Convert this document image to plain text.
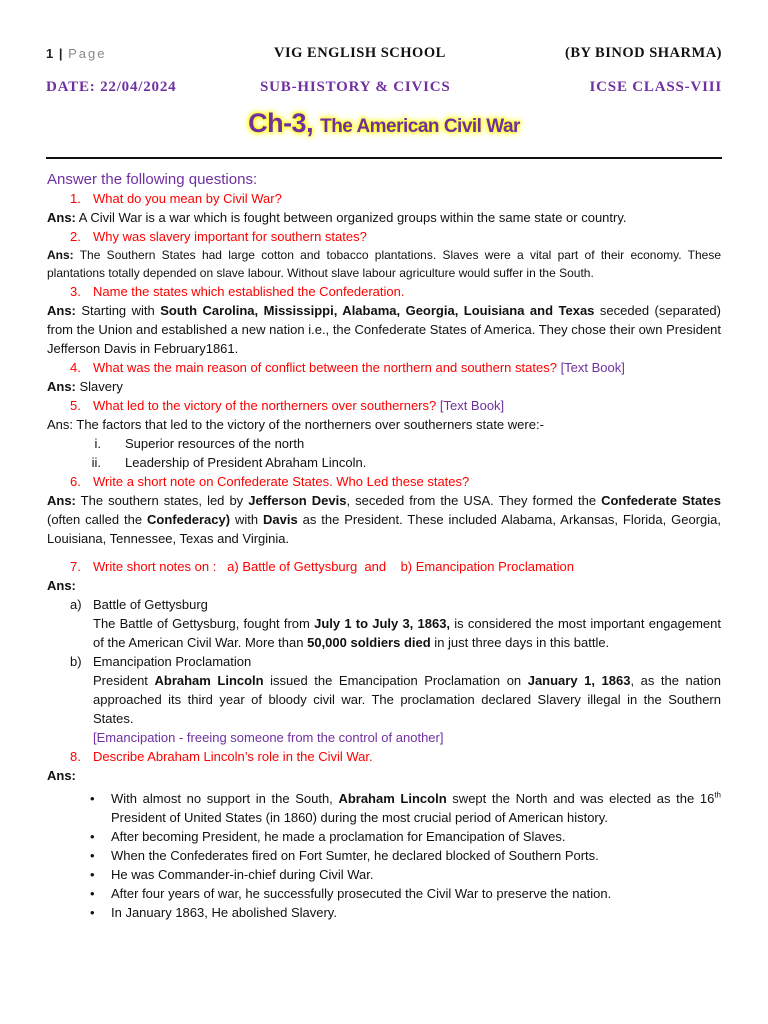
1 | Page	VIG ENGLISH SCHOOL	(BY BINOD SHARMA)
DATE: 22/04/2024	SUB-HISTORY & CIVICS	ICSE CLASS-VIII
Ch-3, The American Civil War
Answer the following questions:
1. What do you mean by Civil War?
Ans: A Civil War is a war which is fought between organized groups within the same state or country.
2. Why was slavery important for southern states?
Ans: The Southern States had large cotton and tobacco plantations. Slaves were a vital part of their economy. These plantations totally depended on slave labour. Without slave labour agriculture would suffer in the South.
3. Name the states which established the Confederation.
Ans: Starting with South Carolina, Mississippi, Alabama, Georgia, Louisiana and Texas seceded (separated) from the Union and established a new nation i.e., the Confederate States of America. They chose their own President Jefferson Davis in February1861.
4. What was the main reason of conflict between the northern and southern states? [Text Book]
Ans: Slavery
5. What led to the victory of the northerners over southerners? [Text Book]
Ans: The factors that led to the victory of the northerners over southerners state were:-
i. Superior resources of the north
ii. Leadership of President Abraham Lincoln.
6. Write a short note on Confederate States. Who Led these states?
Ans: The southern states, led by Jefferson Devis, seceded from the USA. They formed the Confederate States (often called the Confederacy) with Davis as the President. These included Alabama, Arkansas, Florida, Georgia, Louisiana, Tennessee, Texas and Virginia.
7. Write short notes on :   a) Battle of Gettysburg  and    b) Emancipation Proclamation
Ans:
a) Battle of Gettysburg
The Battle of Gettysburg, fought from July 1 to July 3, 1863, is considered the most important engagement of the American Civil War. More than 50,000 soldiers died in just three days in this battle.
b) Emancipation Proclamation
President Abraham Lincoln issued the Emancipation Proclamation on January 1, 1863, as the nation approached its third year of bloody civil war. The proclamation declared Slavery illegal in the Southern States.
[Emancipation - freeing someone from the control of another]
8. Describe Abraham Lincoln’s role in the Civil War.
Ans:
• With almost no support in the South, Abraham Lincoln swept the North and was elected as the 16th President of United States (in 1860) during the most crucial period of American history.
• After becoming President, he made a proclamation for Emancipation of Slaves.
• When the Confederates fired on Fort Sumter, he declared blocked of Southern Ports.
• He was Commander-in-chief during Civil War.
• After four years of war, he successfully prosecuted the Civil War to preserve the nation.
• In January 1863, He abolished Slavery.
